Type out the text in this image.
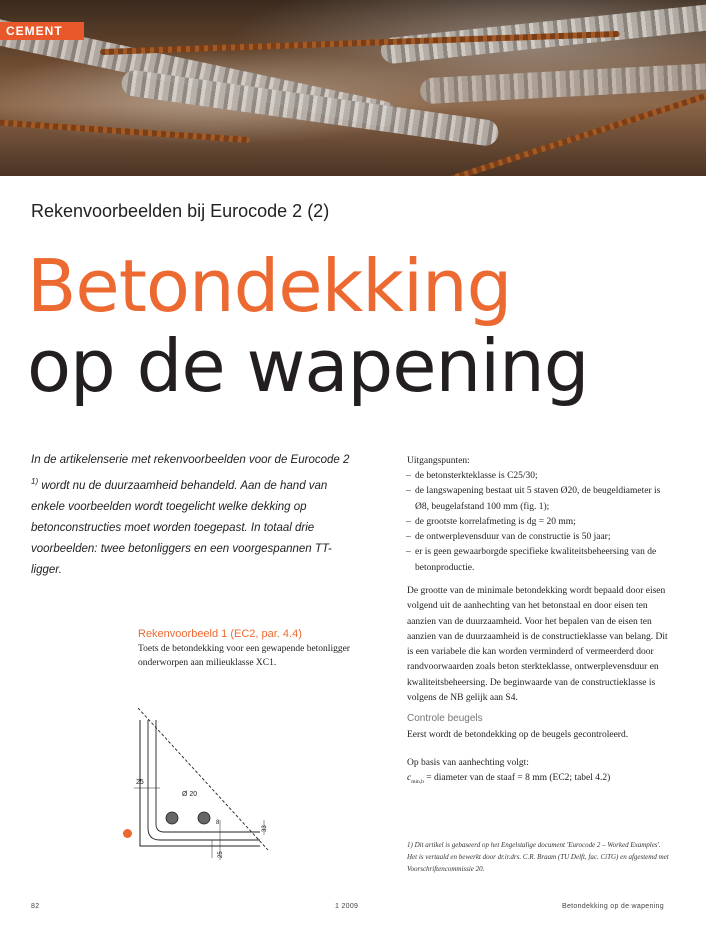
CEMENT
Rekenvoorbeelden bij Eurocode 2 (2)
Betondekking
op de wapening

In de artikelenserie met rekenvoorbeelden voor de Eurocode 2 $^{1)}$ wordt nu de duurzaamheid behandeld. Aan de hand van enkele voorbeelden wordt toegelicht welke dekking op betonconstructies moet worden toegepast. In totaal drie voorbeelden: twee betonliggers en een voorgespannen TT-ligger.

Rekenvoorbeeld 1 (EC2, par. 4.4)
Toets de betondekking voor een gewapende betonligger onderworpen aan milieuklasse XC1.
25
Ø 20
8
33
25
Uitgangspunten:
– de betonsterkteklasse is C25/30;
– de langswapening bestaat uit 5 staven Ø20, de beugeldiameter is Ø8, beugelafstand 100 mm (fig. 1);
– de grootste korrelafmeting is dg = 20 mm;
– de ontwerplevensduur van de constructie is 50 jaar;
– er is geen gewaarborgde specifieke kwaliteitsbeheersing van de betonproductie.

De grootte van de minimale betondekking wordt bepaald door eisen volgend uit de aanhechting van het betonstaal en door eisen ten aanzien van de duurzaamheid. Voor het bepalen van de eisen ten aanzien van de duurzaamheid is de constructieklasse van belang. Dit is een variabele die kan worden verminderd of vermeerderd door randvoorwaarden zoals beton sterkteklasse, ontwerplevensduur en kwaliteitsbeheersing. De beginwaarde van de constructieklasse is volgens de NB gelijk aan S4.

Controle beugels

Eerst wordt de betondekking op de beugels gecontroleerd.

Op basis van aanhechting volgt:

$c_{min,b}$ = diameter van de staaf = 8 mm (EC2; tabel 4.2)

1) Dit artikel is gebaseerd op het Engelstalige document 'Eurocode 2 – Worked Examples'. Het is vertaald en bewerkt door dr.ir.drs. C.R. Braam (TU Delft, fac. CiTG) en afgestemd met Voorschriftencommissie 20.

82	1 2009	Betondekking op de wapening
